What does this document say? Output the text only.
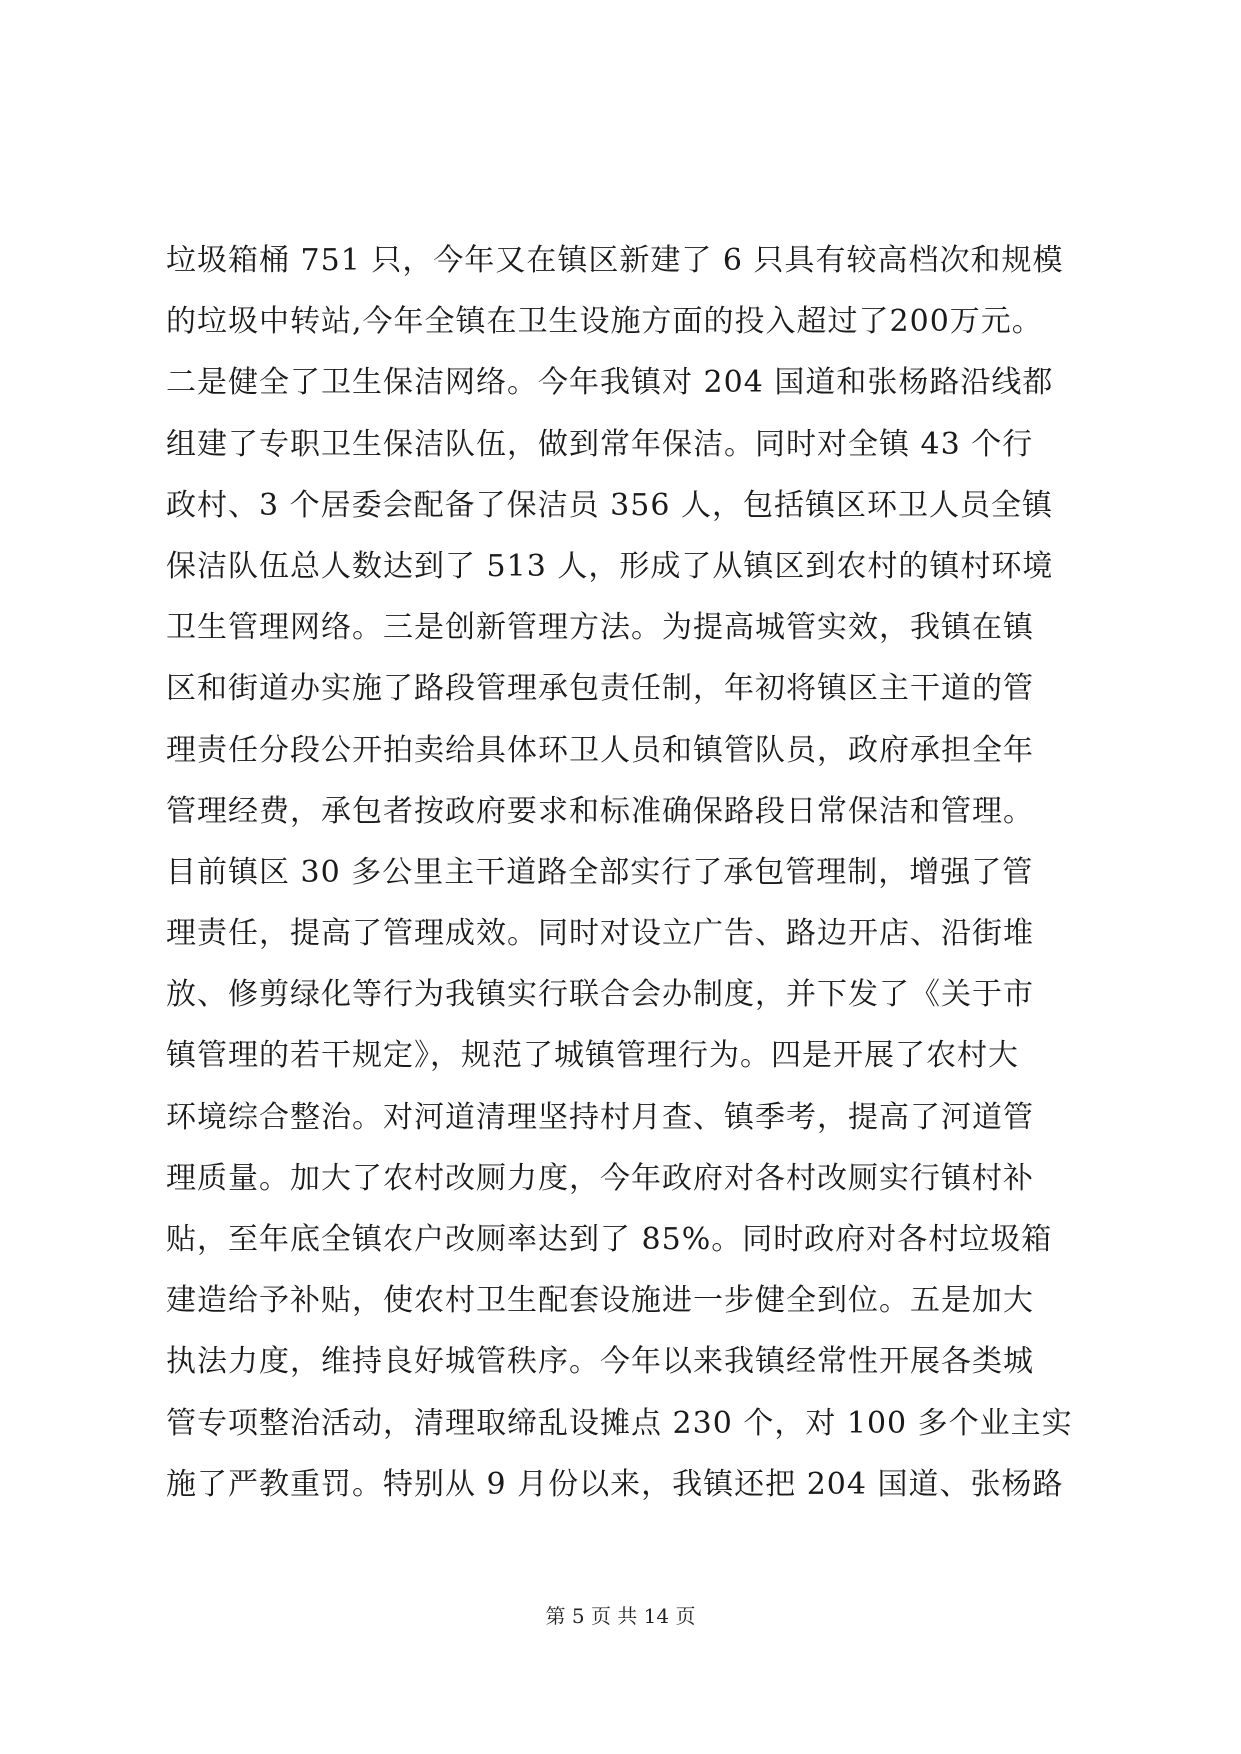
垃圾箱桶 751 只，今年又在镇区新建了 6 只具有较高档次和规模
的垃圾中转站,今年全镇在卫生设施方面的投入超过了200万元。
二是健全了卫生保洁网络。今年我镇对 204 国道和张杨路沿线都
组建了专职卫生保洁队伍，做到常年保洁。同时对全镇 43 个行
政村、3 个居委会配备了保洁员 356 人，包括镇区环卫人员全镇
保洁队伍总人数达到了 513 人，形成了从镇区到农村的镇村环境
卫生管理网络。三是创新管理方法。为提高城管实效，我镇在镇
区和街道办实施了路段管理承包责任制，年初将镇区主干道的管
理责任分段公开拍卖给具体环卫人员和镇管队员，政府承担全年
管理经费，承包者按政府要求和标准确保路段日常保洁和管理。
目前镇区 30 多公里主干道路全部实行了承包管理制，增强了管
理责任，提高了管理成效。同时对设立广告、路边开店、沿街堆
放、修剪绿化等行为我镇实行联合会办制度，并下发了《关于市
镇管理的若干规定》，规范了城镇管理行为。四是开展了农村大
环境综合整治。对河道清理坚持村月查、镇季考，提高了河道管
理质量。加大了农村改厕力度，今年政府对各村改厕实行镇村补
贴，至年底全镇农户改厕率达到了 85%。同时政府对各村垃圾箱
建造给予补贴，使农村卫生配套设施进一步健全到位。五是加大
执法力度，维持良好城管秩序。今年以来我镇经常性开展各类城
管专项整治活动，清理取缔乱设摊点 230 个，对 100 多个业主实
施了严教重罚。特别从 9 月份以来，我镇还把 204 国道、张杨路
第 5 页 共 14 页
